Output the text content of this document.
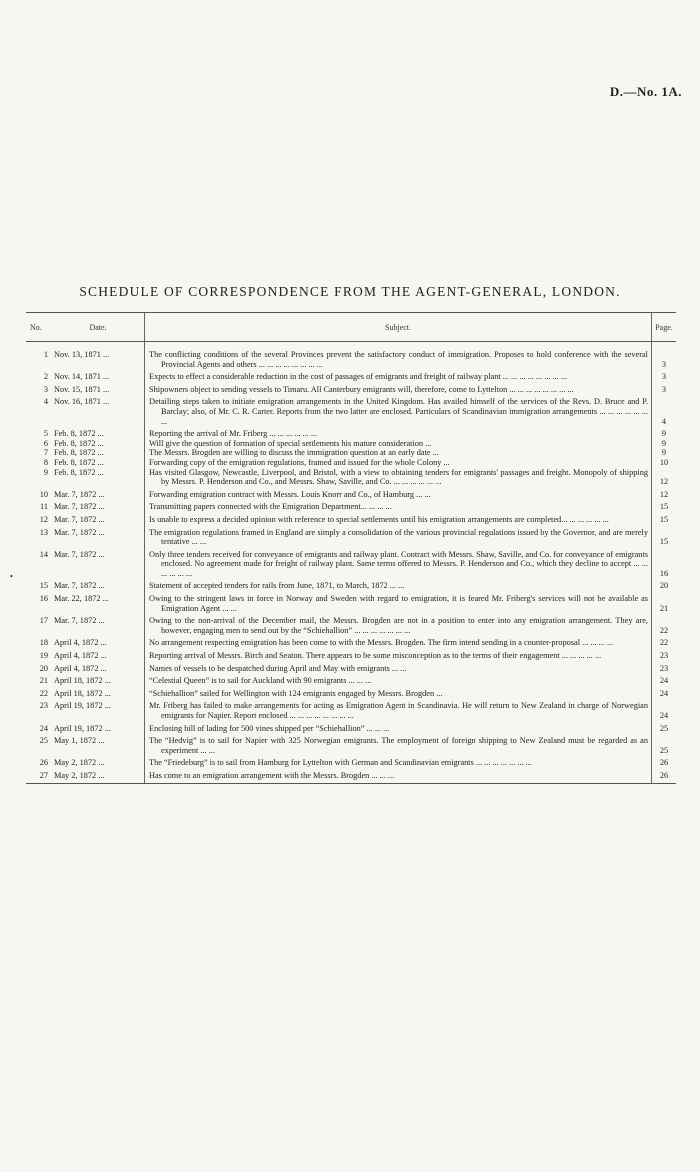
D.—No. 1A.
SCHEDULE OF CORRESPONDENCE FROM THE AGENT-GENERAL, LONDON.
•
No.	Date.	Subject.	Page.
1 Nov. 13, 1871 ...	The conflicting conditions of the several Provinces prevent the satisfactory conduct of immigration. Proposes to hold conference with the several Provincial Agents and others ... ... ... ... ... ... ... ...	3
2 Nov. 14, 1871 ...	Expects to effect a considerable reduction in the cost of passages of emigrants and freight of railway plant ... ... ... ... ... ... ... ...	3
3 Nov. 15, 1871 ...	Shipowners object to sending vessels to Timaru. All Canterbury emigrants will, therefore, come to Lyttelton ... ... ... ... ... ... ... ...	3
4 Nov. 16, 1871 ...	Detailing steps taken to initiate emigration arrangements in the United Kingdom. Has availed himself of the services of the Revs. D. Bruce and P. Barclay; also, of Mr. C. R. Carter. Reports from the two latter are enclosed. Particulars of Scandinavian immigration arrangements ... ... ... ... ... ... ...	4
5 Feb. 8, 1872 ...	Reporting the arrival of Mr. Friberg ... ... ... ... ... ...	9
6 Feb. 8, 1872 ...	Will give the question of formation of special settlements his mature consideration ...	9
7 Feb. 8, 1872 ...	The Messrs. Brogden are willing to discuss the immigration question at an early date ...	9
8 Feb. 8, 1872 ...	Forwarding copy of the emigration regulations, framed and issued for the whole Colony ...	10
9 Feb. 8, 1872 ...	Has visited Glasgow, Newcastle, Liverpool, and Bristol, with a view to obtaining tenders for emigrants' passages and freight. Monopoly of shipping by Messrs. P. Henderson and Co., and Messrs. Shaw, Saville, and Co. ... ... ... ... ... ...	12
10 Mar. 7, 1872 ...	Forwarding emigration contract with Messrs. Louis Knorr and Co., of Hamburg ... ...	12
11 Mar. 7, 1872 ...	Transmitting papers connected with the Emigration Department... ... ... ...	15
12 Mar. 7, 1872 ...	Is unable to express a decided opinion with reference to special settlements until his emigration arrangements are completed... ... ... ... ... ...	15
13 Mar. 7, 1872 ...	The emigration regulations framed in England are simply a consolidation of the various provincial regulations issued by the Governor, and are merely tentative ... ...	15
14 Mar. 7, 1872 ...	Only three tenders received for conveyance of emigrants and railway plant. Contract with Messrs. Shaw, Saville, and Co. for conveyance of emigrants enclosed. No agreement made for freight of railway plant. Same terms offered to Messrs. P. Henderson and Co., which they decline to accept ... ... ... ... ... ...	16
15 Mar. 7, 1872 ...	Statement of accepted tenders for rails from June, 1871, to March, 1872 ... ...	20
16 Mar. 22, 1872 ...	Owing to the stringent laws in force in Norway and Sweden with regard to emigration, it is feared Mr. Friberg's services will not be available as Emigration Agent ... ...	21
17 Mar. 7, 1872 ...	Owing to the non-arrival of the December mail, the Messrs. Brogden are not in a position to enter into any emigration arrangement. They are, however, engaging men to send out by the “Schiehallion” ... ... ... ... ... ... ...	22
18 April 4, 1872 ...	No arrangement respecting emigration has been come to with the Messrs. Brogden. The firm intend sending in a counter-proposal ... ... ... ...	22
19 April 4, 1872 ...	Reporting arrival of Messrs. Birch and Seaton. There appears to be some misconception as to the terms of their engagement ... ... ... ... ...	23
20 April 4, 1872 ...	Names of vessels to be despatched during April and May with emigrants ... ...	23
21 April 18, 1872 ...	“Celestial Queen” is to sail for Auckland with 90 emigrants ... ... ...	24
22 April 18, 1872 ...	“Schiehallion” sailed for Wellington with 124 emigrants engaged by Messrs. Brogden ...	24
23 April 19, 1872 ...	Mr. Friberg has failed to make arrangements for acting as Emigration Agent in Scandinavia. He will return to New Zealand in charge of Norwegian emigrants for Napier. Report enclosed ... ... ... ... ... ... ... ...	24
24 April 19, 1872 ...	Enclosing bill of lading for 500 vines shipped per “Schiehallion” ... ... ...	25
25 May 1, 1872 ...	The “Hedvig” is to sail for Napier with 325 Norwegian emigrants. The employment of foreign shipping to New Zealand must be regarded as an experiment ... ...	25
26 May 2, 1872 ...	The “Friedeburg” is to sail from Hamburg for Lyttelton with German and Scandinavian emigrants ... ... ... ... ... ... ...	26
27 May 2, 1872 ...	Has come to an emigration arrangement with the Messrs. Brogden ... ... ...	26
